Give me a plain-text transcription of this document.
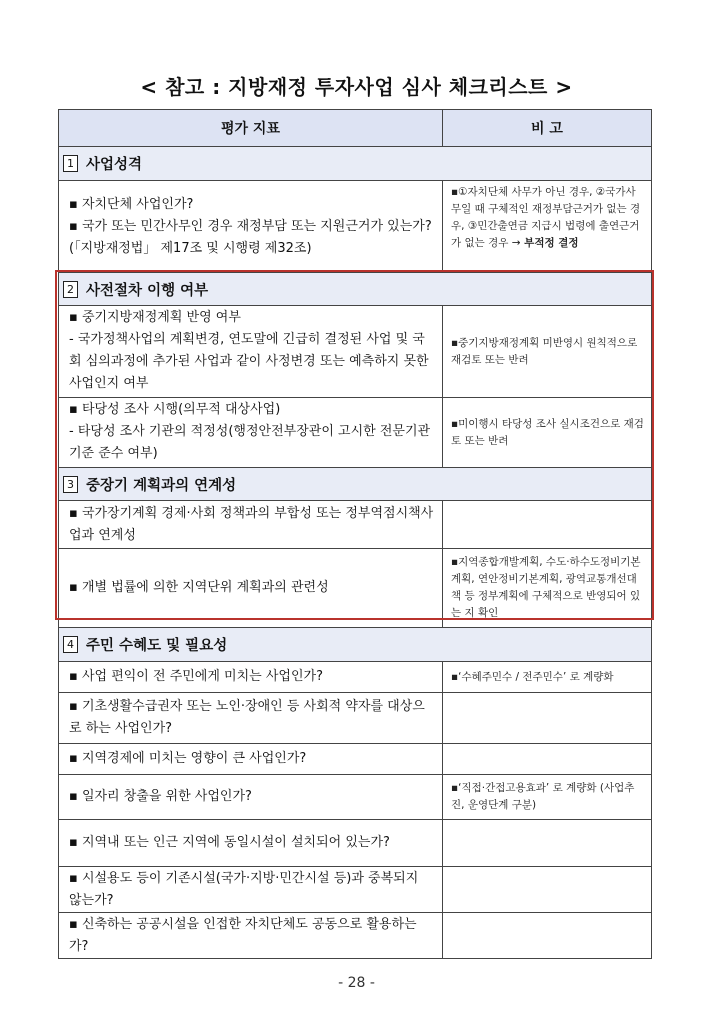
< 참고 : 지방재정 투자사업 심사 체크리스트 >
평가 지표	비 고
1 사업성격
▪ 자치단체 사업인가?
▪ 국가 또는 민간사무인 경우 재정부담 또는 지원근거가 있는가?(「지방재정법」 제17조 및 시행령 제32조)
▪①자치단체 사무가 아닌 경우, ②국가사무일 때 구체적인 재정부담근거가 없는 경우, ③민간출연금 지급시 법령에 출연근거가 없는 경우 → 부적정 결정
2 사전절차 이행 여부
▪ 중기지방재정계획 반영 여부
- 국가정책사업의 계획변경, 연도말에 긴급히 결정된 사업 및 국회 심의과정에 추가된 사업과 같이 사정변경 또는 예측하지 못한 사업인지 여부
▪중기지방재정계획 미반영시 원칙적으로 재검토 또는 반려
▪ 타당성 조사 시행(의무적 대상사업)
- 타당성 조사 기관의 적정성(행정안전부장관이 고시한 전문기관 기준 준수 여부)
▪미이행시 타당성 조사 실시조건으로 재검토 또는 반려
3 중장기 계획과의 연계성
▪ 국가장기계획 경제·사회 정책과의 부합성 또는 정부역점시책사업과 연계성
▪ 개별 법률에 의한 지역단위 계획과의 관련성
▪지역종합개발계획, 수도·하수도정비기본계획, 연안정비기본계획, 광역교통개선대책 등 정부계획에 구체적으로 반영되어 있는 지 확인
4 주민 수혜도 및 필요성
▪ 사업 편익이 전 주민에게 미치는 사업인가?	▪‘수혜주민수 / 전주민수’ 로 계량화
▪ 기초생활수급권자 또는 노인·장애인 등 사회적 약자를 대상으로 하는 사업인가?
▪ 지역경제에 미치는 영향이 큰 사업인가?
▪ 일자리 창출을 위한 사업인가?
▪‘직접·간접고용효과’ 로 계량화 (사업추진, 운영단계 구분)
▪ 지역내 또는 인근 지역에 동일시설이 설치되어 있는가?
▪ 시설용도 등이 기존시설(국가·지방·민간시설 등)과 중복되지 않는가?
▪ 신축하는 공공시설을 인접한 자치단체도 공동으로 활용하는가?
- 28 -
